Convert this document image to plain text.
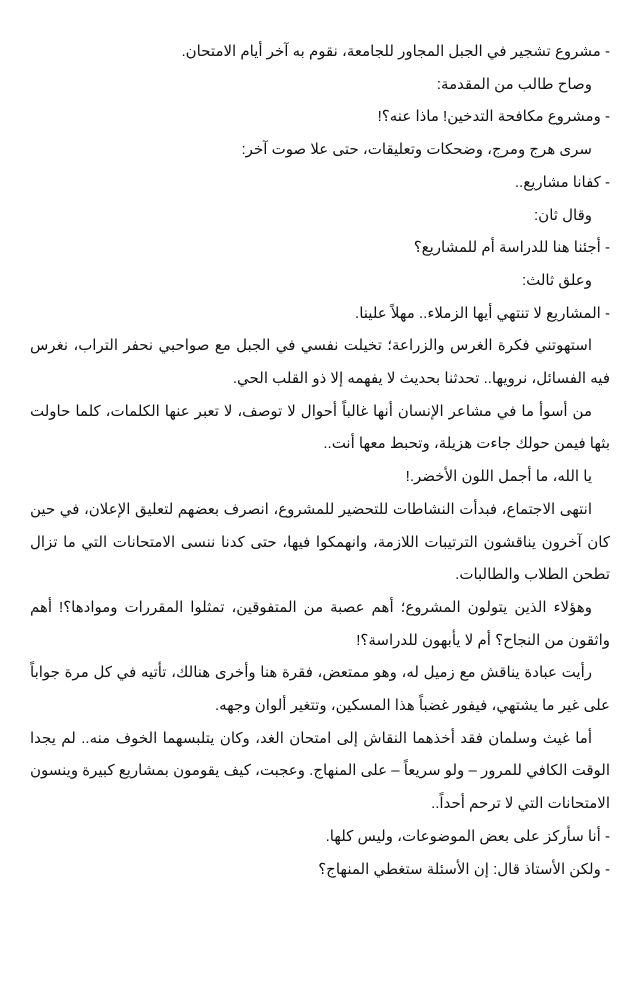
- مشروع تشجير في الجبل المجاور للجامعة، نقوم به آخر أيام الامتحان.

وصاح طالب من المقدمة:

- ومشروع مكافحة التدخين! ماذا عنه؟!

سرى هرج ومرج، وضحكات وتعليقات، حتى علا صوت آخر:

- كفانا مشاريع..

وقال ثان:

- أجئنا هنا للدراسة أم للمشاريع؟

وعلق ثالث:

- المشاريع لا تنتهي أيها الزملاء.. مهلاً علينا.

استهوتني فكرة الغرس والزراعة؛ تخيلت نفسي في الجبل مع صواحبي نحفر التراب، نغرس فيه الفسائل، نرويها.. تحدثنا بحديث لا يفهمه إلا ذو القلب الحي.

من أسوأ ما في مشاعر الإنسان أنها غالباً أحوال لا توصف، لا تعبر عنها الكلمات، كلما حاولت بثها فيمن حولك جاءت هزيلة، وتحبط معها أنت..

يا الله، ما أجمل اللون الأخضر.!

انتهى الاجتماع، فبدأت النشاطات للتحضير للمشروع، انصرف بعضهم لتعليق الإعلان، في حين كان آخرون يناقشون الترتيبات اللازمة، وانهمكوا فيها، حتى كدنا ننسى الامتحانات التي ما تزال تطحن الطلاب والطالبات.

وهؤلاء الذين يتولون المشروع؛ أهم عصبة من المتفوقين، تمثلوا المقررات وموادها؟! أهم واثقون من النجاح؟ أم لا يأبهون للدراسة؟!

رأيت عبادة يناقش مع زميل له، وهو ممتعض، فقرة هنا وأخرى هنالك، تأتيه في كل مرة جواباً على غير ما يشتهي، فيفور غضباً هذا المسكين، وتتغير ألوان وجهه.

أما غيث وسلمان فقد أخذهما النقاش إلى امتحان الغد، وكان يتلبسهما الخوف منه.. لم يجدا الوقت الكافي للمرور – ولو سريعاً – على المنهاج. وعجبت، كيف يقومون بمشاريع كبيرة وينسون الامتحانات التي لا ترحم أحداً..

- أنا سأركز على بعض الموضوعات، وليس كلها.

- ولكن الأستاذ قال: إن الأسئلة ستغطي المنهاج؟
